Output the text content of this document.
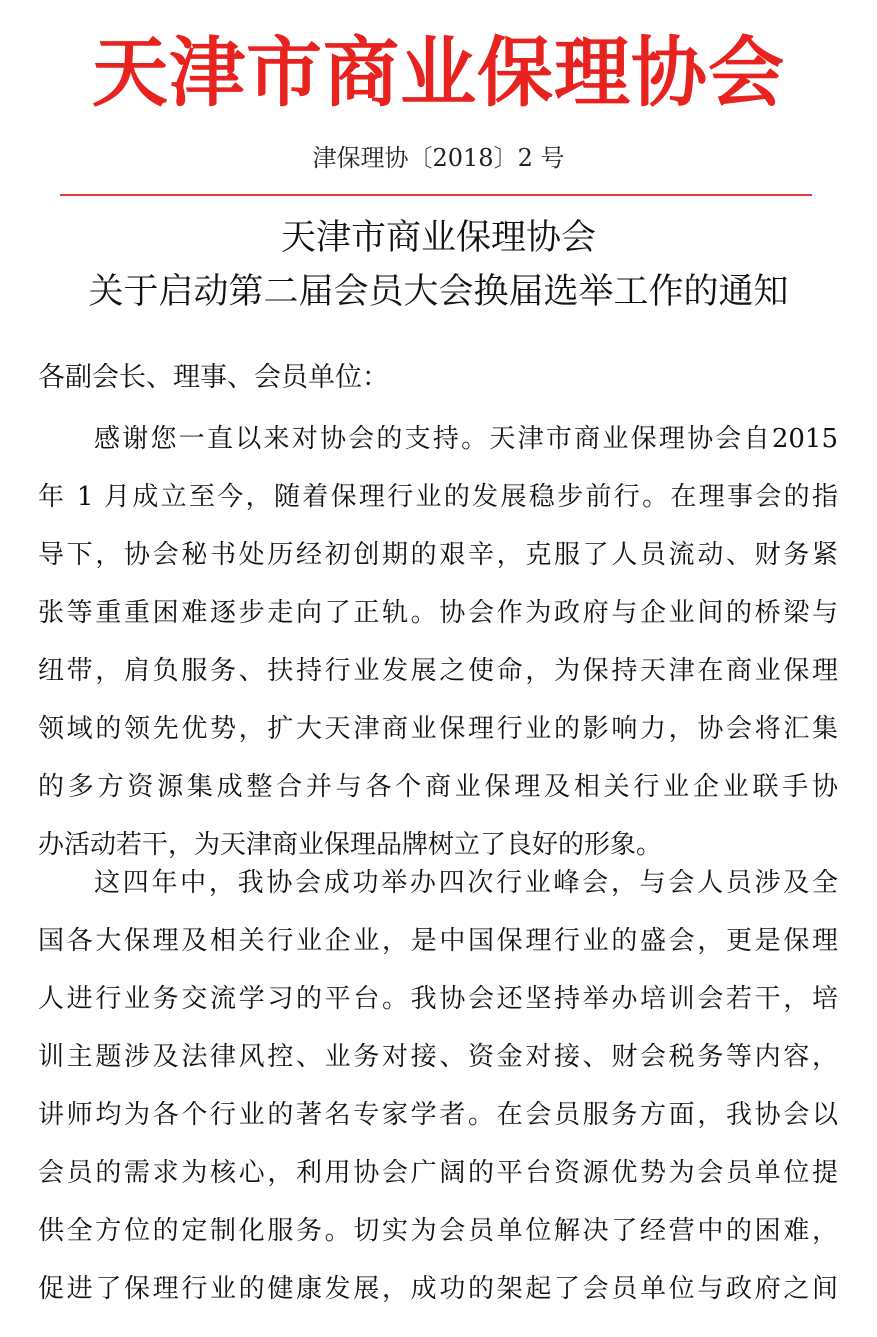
天津市商业保理协会
津保理协〔2018〕2 号
天津市商业保理协会
关于启动第二届会员大会换届选举工作的通知
各副会长、理事、会员单位：
感谢您一直以来对协会的支持。天津市商业保理协会自2015
年 1 月成立至今，随着保理行业的发展稳步前行。在理事会的指
导下，协会秘书处历经初创期的艰辛，克服了人员流动、财务紧
张等重重困难逐步走向了正轨。协会作为政府与企业间的桥梁与
纽带，肩负服务、扶持行业发展之使命，为保持天津在商业保理
领域的领先优势，扩大天津商业保理行业的影响力，协会将汇集
的多方资源集成整合并与各个商业保理及相关行业企业联手协
办活动若干，为天津商业保理品牌树立了良好的形象。
这四年中，我协会成功举办四次行业峰会，与会人员涉及全
国各大保理及相关行业企业，是中国保理行业的盛会，更是保理
人进行业务交流学习的平台。我协会还坚持举办培训会若干，培
训主题涉及法律风控、业务对接、资金对接、财会税务等内容，
讲师均为各个行业的著名专家学者。在会员服务方面，我协会以
会员的需求为核心，利用协会广阔的平台资源优势为会员单位提
供全方位的定制化服务。切实为会员单位解决了经营中的困难，
促进了保理行业的健康发展，成功的架起了会员单位与政府之间
